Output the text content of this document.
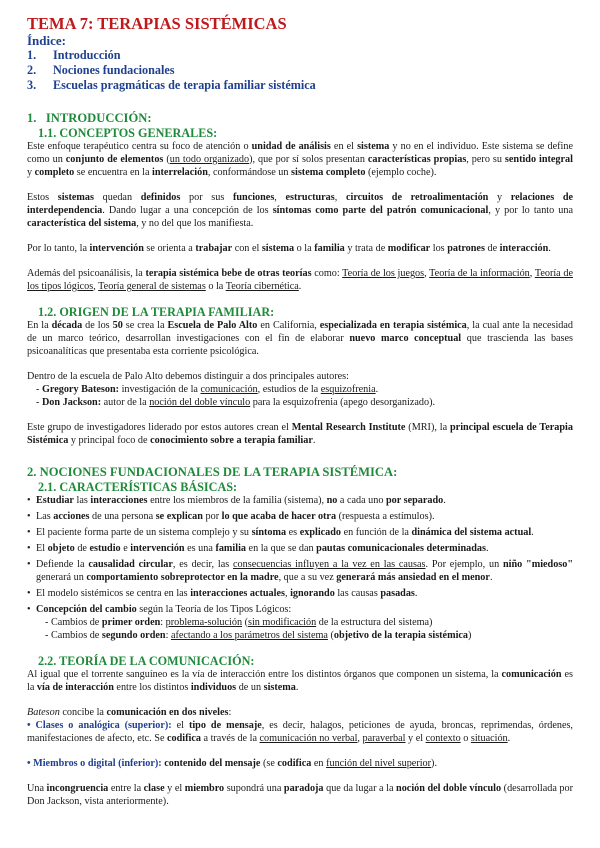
TEMA 7: TERAPIAS SISTÉMICAS
Índice:
1.	Introducción
2.	Nociones fundacionales
3.	Escuelas pragmáticas de terapia familiar sistémica
1.   INTRODUCCIÓN:
1.1. CONCEPTOS GENERALES:

Este enfoque terapéutico centra su foco de atención o unidad de análisis en el sistema y no en el individuo. Este sistema se define como un conjunto de elementos (un todo organizado), que por sí solos presentan características propias, pero su sentido integral y completo se encuentra en la interrelación, conformándose un sistema completo (ejemplo coche).

Estos sistemas quedan definidos por sus funciones, estructuras, circuitos de retroalimentación y relaciones de interdependencia. Dando lugar a una concepción de los síntomas como parte del patrón comunicacional, y por lo tanto una característica del sistema, y no del que los manifiesta.

Por lo tanto, la intervención se orienta a trabajar con el sistema o la familia y trata de modificar los patrones de interacción.

Además del psicoanálisis, la terapia sistémica bebe de otras teorías como: Teoría de los juegos, Teoría de la información, Teoría de los tipos lógicos, Teoría general de sistemas o la Teoría cibernética.

1.2. ORIGEN DE LA TERAPIA FAMILIAR:

En la década de los 50 se crea la Escuela de Palo Alto en California, especializada en terapia sistémica, la cual ante la necesidad de un marco teórico, desarrollan investigaciones con el fin de elaborar nuevo marco conceptual que trascienda las bases psicoanalíticas que presentaba esta corriente psicológica.

Dentro de la escuela de Palo Alto debemos distinguir a dos principales autores:

- Gregory Bateson: investigación de la comunicación, estudios de la esquizofrenia.

- Don Jackson: autor de la noción del doble vínculo para la esquizofrenia (apego desorganizado).

Este grupo de investigadores liderado por estos autores crean el Mental Research Institute (MRI), la principal escuela de Terapia Sistémica y principal foco de conocimiento sobre a terapia familiar.

2. NOCIONES FUNDACIONALES DE LA TERAPIA SISTÉMICA:
2.1. CARACTERÍSTICAS BÁSICAS:
• Estudiar las interacciones entre los miembros de la familia (sistema), no a cada uno por separado.

• Las acciones de una persona se explican por lo que acaba de hacer otra (respuesta a estímulos).

• El paciente forma parte de un sistema complejo y su síntoma es explicado en función de la dinámica del sistema actual.

• El objeto de estudio e intervención es una familia en la que se dan pautas comunicacionales determinadas.

• Defiende la causalidad circular, es decir, las consecuencias influyen a la vez en las causas. Por ejemplo, un niño "miedoso" generará un comportamiento sobreprotector en la madre, que a su vez generará más ansiedad en el menor.

• El modelo sistémicos se centra en las interacciones actuales, ignorando las causas pasadas.

• Concepción del cambio según la Teoría de los Tipos Lógicos:

- Cambios de primer orden: problema-solución (sin modificación de la estructura del sistema)

- Cambios de segundo orden: afectando a los parámetros del sistema (objetivo de la terapia sistémica)

2.2. TEORÍA DE LA COMUNICACIÓN:

Al igual que el torrente sanguíneo es la vía de interacción entre los distintos órganos que componen un sistema, la comunicación es la vía de interacción entre los distintos individuos de un sistema.

Bateson concibe la comunicación en dos niveles:

• Clases o analógica (superior): el tipo de mensaje, es decir, halagos, peticiones de ayuda, broncas, reprimendas, órdenes, manifestaciones de afecto, etc. Se codifica a través de la comunicación no verbal, paraverbal y el contexto o situación.

• Miembros o digital (inferior): contenido del mensaje (se codifica en función del nivel superior).

Una incongruencia entre la clase y el miembro supondrá una paradoja que da lugar a la noción del doble vínculo (desarrollada por Don Jackson, vista anteriormente).
